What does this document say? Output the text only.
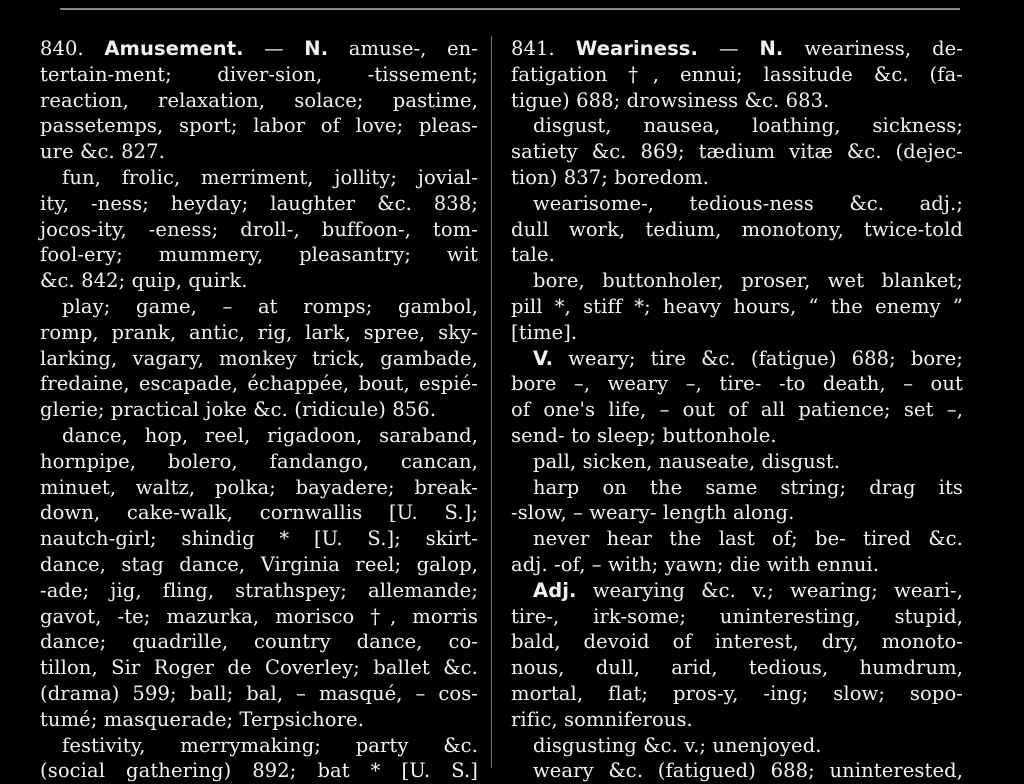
840. Amusement. — N. amuse-, en-
tertain-ment; diver-sion, -tissement;
reaction, relaxation, solace; pastime,
passetemps, sport; labor of love; pleas-
ure &c. 827.
fun, frolic, merriment, jollity; jovial-
ity, -ness; heyday; laughter &c. 838;
jocos-ity, -eness; droll-, buffoon-, tom-
fool-ery; mummery, pleasantry; wit
&c. 842; quip, quirk.
play; game, – at romps; gambol,
romp, prank, antic, rig, lark, spree, sky-
larking, vagary, monkey trick, gambade,
fredaine, escapade, échappée, bout, espié-
glerie; practical joke &c. (ridicule) 856.
dance, hop, reel, rigadoon, saraband,
hornpipe, bolero, fandango, cancan,
minuet, waltz, polka; bayadere; break-
down, cake-walk, cornwallis [U. S.];
nautch-girl; shindig * [U. S.]; skirt-
dance, stag dance, Virginia reel; galop,
-ade; jig, fling, strathspey; allemande;
gavot, -te; mazurka, morisco †, morris
dance; quadrille, country dance, co-
tillon, Sir Roger de Coverley; ballet &c.
(drama) 599; ball; bal, – masqué, – cos-
tumé; masquerade; Terpsichore.
festivity, merrymaking; party &c.
(social gathering) 892; bat * [U. S.]
841. Weariness. — N. weariness, de-
fatigation †, ennui; lassitude &c. (fa-
tigue) 688; drowsiness &c. 683.
disgust, nausea, loathing, sickness;
satiety &c. 869; tædium vitæ &c. (dejec-
tion) 837; boredom.
wearisome-, tedious-ness &c. adj.;
dull work, tedium, monotony, twice-told
tale.
bore, buttonholer, proser, wet blanket;
pill *, stiff *; heavy hours, “ the enemy ”
[time].
V. weary; tire &c. (fatigue) 688; bore;
bore –, weary –, tire- -to death, – out
of one's life, – out of all patience; set –,
send- to sleep; buttonhole.
pall, sicken, nauseate, disgust.
harp on the same string; drag its
-slow, – weary- length along.
never hear the last of; be- tired &c.
adj. -of, – with; yawn; die with ennui.
Adj. wearying &c. v.; wearing; weari-,
tire-, irk-some; uninteresting, stupid,
bald, devoid of interest, dry, monoto-
nous, dull, arid, tedious, humdrum,
mortal, flat; pros-y, -ing; slow; sopo-
rific, somniferous.
disgusting &c. v.; unenjoyed.
weary &c. (fatigued) 688; uninterested,
